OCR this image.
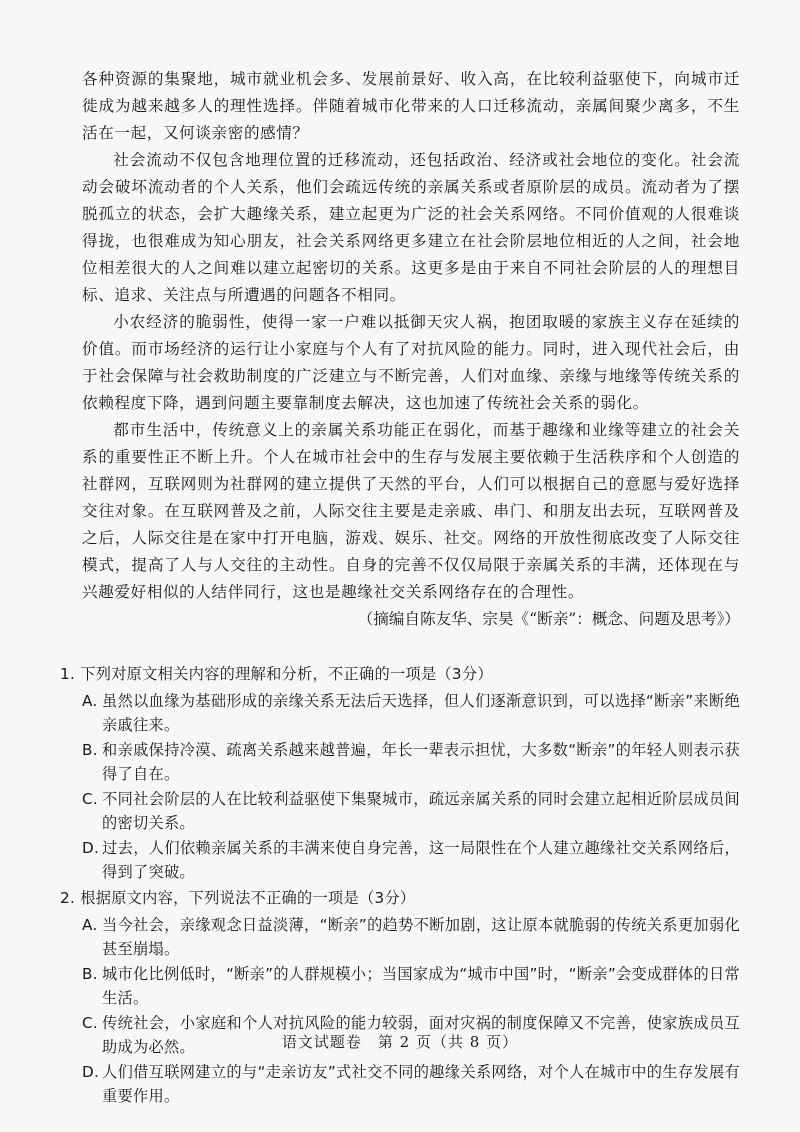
各种资源的集聚地，城市就业机会多、发展前景好、收入高，在比较利益驱使下，向城市迁徙成为越来越多人的理性选择。伴随着城市化带来的人口迁移流动，亲属间聚少离多，不生活在一起，又何谈亲密的感情？

社会流动不仅包含地理位置的迁移流动，还包括政治、经济或社会地位的变化。社会流动会破坏流动者的个人关系，他们会疏远传统的亲属关系或者原阶层的成员。流动者为了摆脱孤立的状态，会扩大趣缘关系，建立起更为广泛的社会关系网络。不同价值观的人很难谈得拢，也很难成为知心朋友，社会关系网络更多建立在社会阶层地位相近的人之间，社会地位相差很大的人之间难以建立起密切的关系。这更多是由于来自不同社会阶层的人的理想目标、追求、关注点与所遭遇的问题各不相同。

小农经济的脆弱性，使得一家一户难以抵御天灾人祸，抱团取暖的家族主义存在延续的价值。而市场经济的运行让小家庭与个人有了对抗风险的能力。同时，进入现代社会后，由于社会保障与社会救助制度的广泛建立与不断完善，人们对血缘、亲缘与地缘等传统关系的依赖程度下降，遇到问题主要靠制度去解决，这也加速了传统社会关系的弱化。

都市生活中，传统意义上的亲属关系功能正在弱化，而基于趣缘和业缘等建立的社会关系的重要性正不断上升。个人在城市社会中的生存与发展主要依赖于生活秩序和个人创造的社群网，互联网则为社群网的建立提供了天然的平台，人们可以根据自己的意愿与爱好选择交往对象。在互联网普及之前，人际交往主要是走亲戚、串门、和朋友出去玩，互联网普及之后，人际交往是在家中打开电脑，游戏、娱乐、社交。网络的开放性彻底改变了人际交往模式，提高了人与人交往的主动性。自身的完善不仅仅局限于亲属关系的丰满，还体现在与兴趣爱好相似的人结伴同行，这也是趣缘社交关系网络存在的合理性。

（摘编自陈友华、宗昊《“断亲”：概念、问题及思考》）

1. 下列对原文相关内容的理解和分析，不正确的一项是（3分）

A. 虽然以血缘为基础形成的亲缘关系无法后天选择，但人们逐渐意识到，可以选择“断亲”来断绝亲戚往来。

B. 和亲戚保持冷漠、疏离关系越来越普遍，年长一辈表示担忧，大多数“断亲”的年轻人则表示获得了自在。

C. 不同社会阶层的人在比较利益驱使下集聚城市，疏远亲属关系的同时会建立起相近阶层成员间的密切关系。

D. 过去，人们依赖亲属关系的丰满来使自身完善，这一局限性在个人建立趣缘社交关系网络后，得到了突破。

2. 根据原文内容，下列说法不正确的一项是（3分）

A. 当今社会，亲缘观念日益淡薄，“断亲”的趋势不断加剧，这让原本就脆弱的传统关系更加弱化甚至崩塌。

B. 城市化比例低时，“断亲”的人群规模小；当国家成为“城市中国”时，“断亲”会变成群体的日常生活。

C. 传统社会，小家庭和个人对抗风险的能力较弱，面对灾祸的制度保障又不完善，使家族成员互助成为必然。

D. 人们借互联网建立的与“走亲访友”式社交不同的趣缘关系网络，对个人在城市中的生存发展有重要作用。

语文试题卷　第 2 页（共 8 页）
